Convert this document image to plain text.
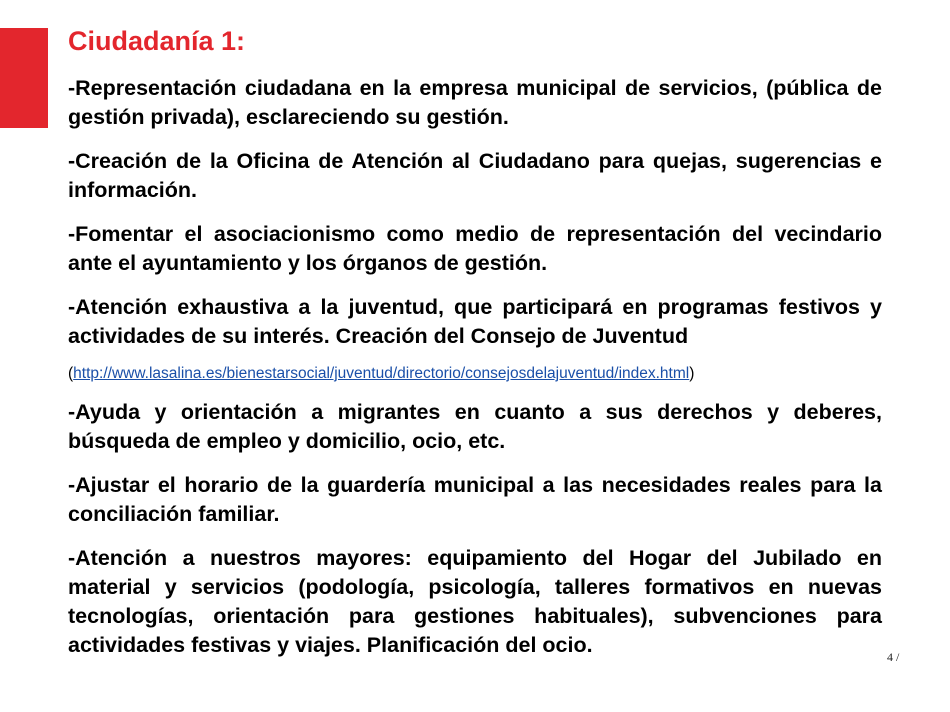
Ciudadanía 1:

-Representación ciudadana en la empresa municipal de servicios, (pública de gestión privada), esclareciendo su gestión.

-Creación de la Oficina de Atención al Ciudadano para quejas, sugerencias e información.

-Fomentar el asociacionismo como medio de representación del vecindario ante el ayuntamiento y los órganos de gestión.

-Atención exhaustiva a la juventud, que participará en programas festivos y actividades de su interés. Creación del Consejo de Juventud

(http://www.lasalina.es/bienestarsocial/juventud/directorio/consejosdelajuventud/index.html)

-Ayuda y orientación a migrantes en cuanto a sus derechos y deberes, búsqueda de empleo y domicilio, ocio, etc.

-Ajustar el horario de la guardería municipal a las necesidades reales para la conciliación familiar.

-Atención a nuestros mayores: equipamiento del Hogar del Jubilado en material y servicios (podología, psicología, talleres formativos en nuevas tecnologías, orientación para gestiones habituales), subvenciones para actividades festivas y viajes. Planificación del ocio.	4 /
